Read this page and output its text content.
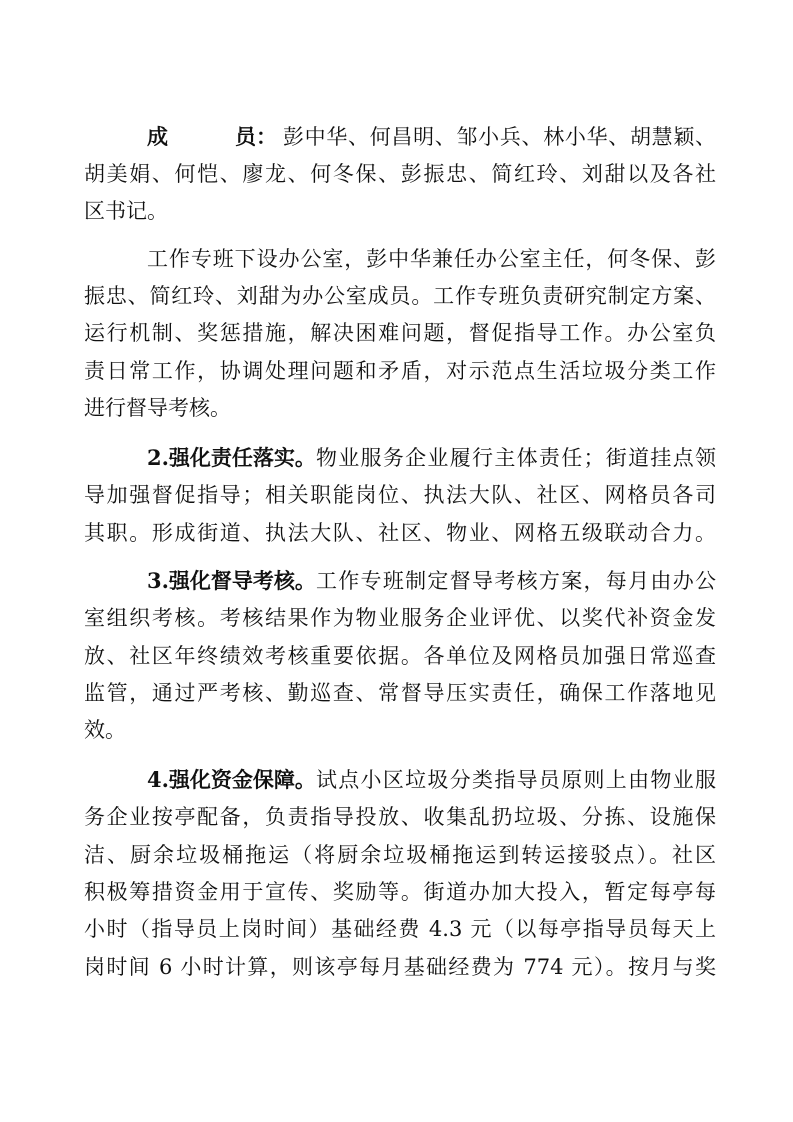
成	员： 彭中华、何昌明、邹小兵、林小华、胡慧颖、
胡美娟、何恺、廖龙、何冬保、彭振忠、简红玲、刘甜以及各社
区书记。
工作专班下设办公室，彭中华兼任办公室主任，何冬保、彭
振忠、简红玲、刘甜为办公室成员。工作专班负责研究制定方案、
运行机制、奖惩措施，解决困难问题，督促指导工作。办公室负
责日常工作，协调处理问题和矛盾，对示范点生活垃圾分类工作
进行督导考核。
2.强化责任落实。 物业服务企业履行主体责任；街道挂点领
导加强督促指导；相关职能岗位、执法大队、社区、网格员各司
其职。形成街道、执法大队、社区、物业、网格五级联动合力。
3.强化督导考核。 工作专班制定督导考核方案，每月由办公
室组织考核。考核结果作为物业服务企业评优、以奖代补资金发
放、社区年终绩效考核重要依据。各单位及网格员加强日常巡查
监管，通过严考核、勤巡查、常督导压实责任，确保工作落地见
效。
4.强化资金保障。 试点小区垃圾分类指导员原则上由物业服
务企业按亭配备，负责指导投放、收集乱扔垃圾、分拣、设施保
洁、厨余垃圾桶拖运（将厨余垃圾桶拖运到转运接驳点）。社区
积极筹措资金用于宣传、奖励等。街道办加大投入，暂定每亭每
小时（指导员上岗时间）基础经费 4.3 元（以每亭指导员每天上
岗时间 6 小时计算，则该亭每月基础经费为 774 元）。按月与奖
